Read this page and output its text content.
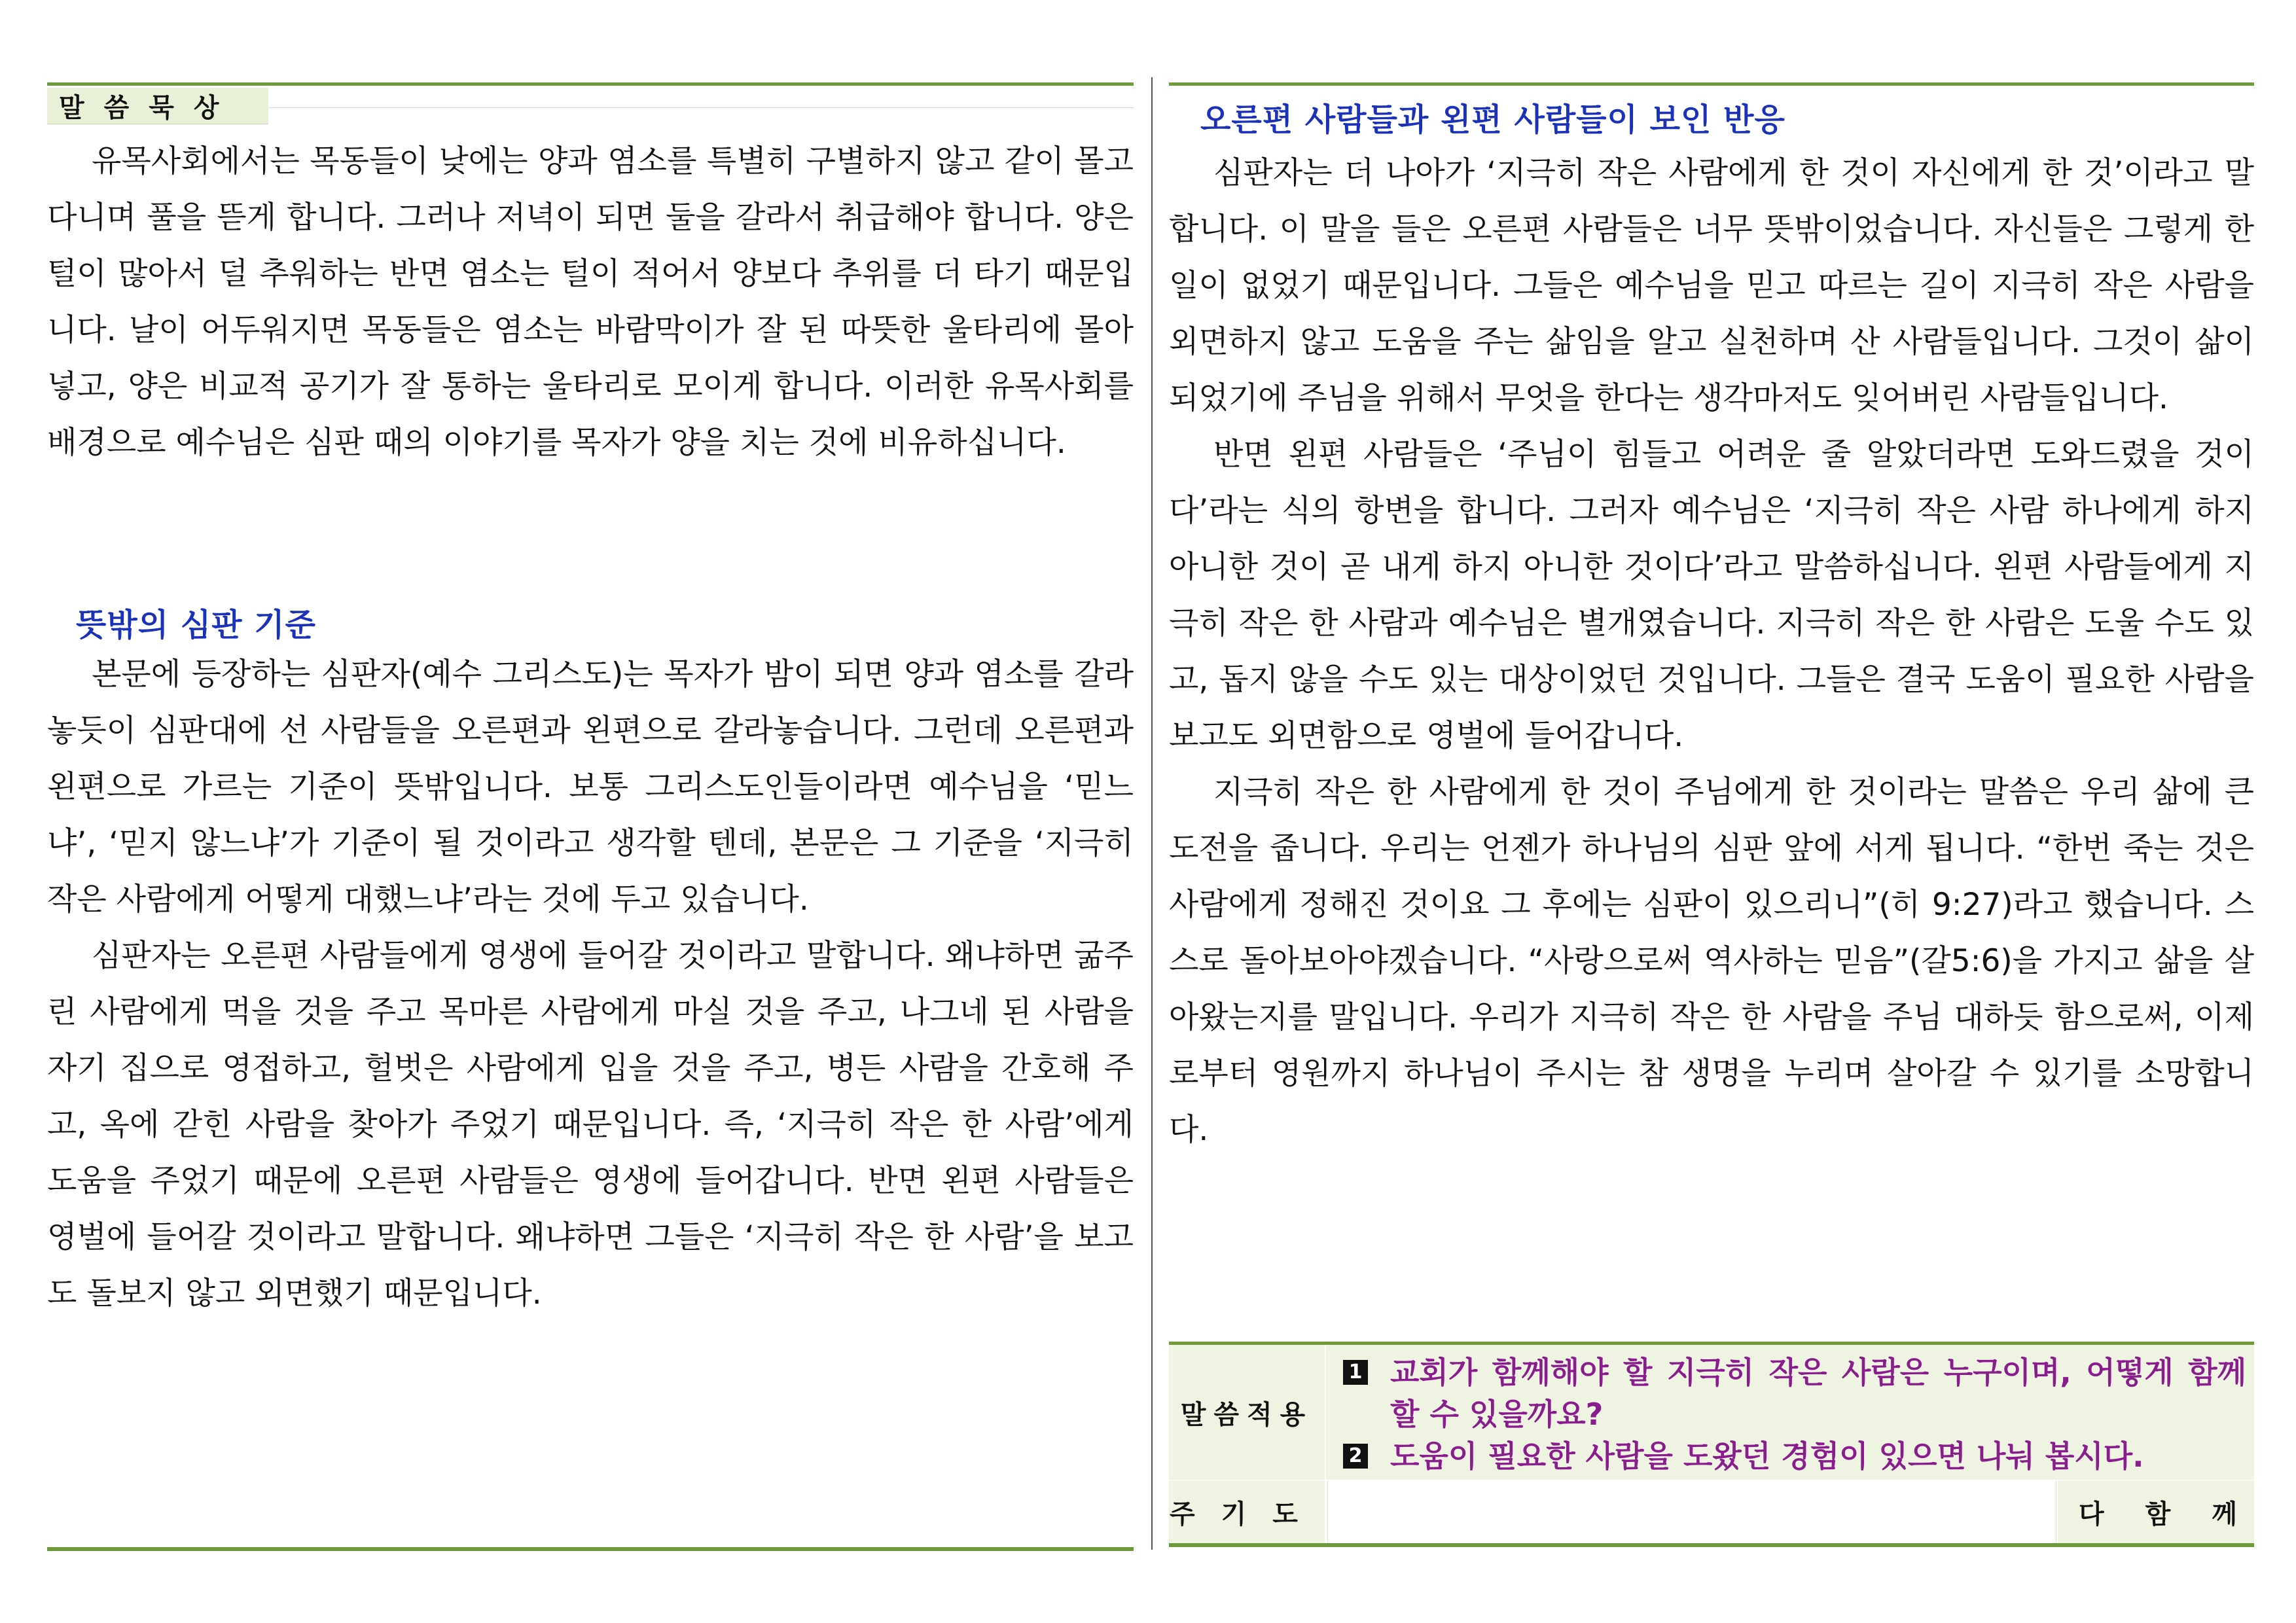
말씀묵상

유목사회에서는 목동들이 낮에는 양과 염소를 특별히 구별하지 않고 같이 몰고 다니며 풀을 뜯게 합니다. 그러나 저녁이 되면 둘을 갈라서 취급해야 합니다. 양은 털이 많아서 덜 추워하는 반면 염소는 털이 적어서 양보다 추위를 더 타기 때문입니다. 날이 어두워지면 목동들은 염소는 바람막이가 잘 된 따뜻한 울타리에 몰아넣고, 양은 비교적 공기가 잘 통하는 울타리로 모이게 합니다. 이러한 유목사회를 배경으로 예수님은 심판 때의 이야기를 목자가 양을 치는 것에 비유하십니다.

뜻밖의 심판 기준

본문에 등장하는 심판자(예수 그리스도)는 목자가 밤이 되면 양과 염소를 갈라놓듯이 심판대에 선 사람들을 오른편과 왼편으로 갈라놓습니다. 그런데 오른편과 왼편으로 가르는 기준이 뜻밖입니다. 보통 그리스도인들이라면 예수님을 ‘믿느냐’, ‘믿지 않느냐’가 기준이 될 것이라고 생각할 텐데, 본문은 그 기준을 ‘지극히 작은 사람에게 어떻게 대했느냐’라는 것에 두고 있습니다.

심판자는 오른편 사람들에게 영생에 들어갈 것이라고 말합니다. 왜냐하면 굶주린 사람에게 먹을 것을 주고 목마른 사람에게 마실 것을 주고, 나그네 된 사람을 자기 집으로 영접하고, 헐벗은 사람에게 입을 것을 주고, 병든 사람을 간호해 주고, 옥에 갇힌 사람을 찾아가 주었기 때문입니다. 즉, ‘지극히 작은 한 사람’에게 도움을 주었기 때문에 오른편 사람들은 영생에 들어갑니다. 반면 왼편 사람들은 영벌에 들어갈 것이라고 말합니다. 왜냐하면 그들은 ‘지극히 작은 한 사람’을 보고도 돌보지 않고 외면했기 때문입니다.

오른편 사람들과 왼편 사람들이 보인 반응

심판자는 더 나아가 ‘지극히 작은 사람에게 한 것이 자신에게 한 것’이라고 말합니다. 이 말을 들은 오른편 사람들은 너무 뜻밖이었습니다. 자신들은 그렇게 한 일이 없었기 때문입니다. 그들은 예수님을 믿고 따르는 길이 지극히 작은 사람을 외면하지 않고 도움을 주는 삶임을 알고 실천하며 산 사람들입니다. 그것이 삶이 되었기에 주님을 위해서 무엇을 한다는 생각마저도 잊어버린 사람들입니다.

반면 왼편 사람들은 ‘주님이 힘들고 어려운 줄 알았더라면 도와드렸을 것이다’라는 식의 항변을 합니다. 그러자 예수님은 ‘지극히 작은 사람 하나에게 하지 아니한 것이 곧 내게 하지 아니한 것이다’라고 말씀하십니다. 왼편 사람들에게 지극히 작은 한 사람과 예수님은 별개였습니다. 지극히 작은 한 사람은 도울 수도 있고, 돕지 않을 수도 있는 대상이었던 것입니다. 그들은 결국 도움이 필요한 사람을 보고도 외면함으로 영벌에 들어갑니다.

지극히 작은 한 사람에게 한 것이 주님에게 한 것이라는 말씀은 우리 삶에 큰 도전을 줍니다. 우리는 언젠가 하나님의 심판 앞에 서게 됩니다. “한번 죽는 것은 사람에게 정해진 것이요 그 후에는 심판이 있으리니”(히 9:27)라고 했습니다. 스스로 돌아보아야겠습니다. “사랑으로써 역사하는 믿음”(갈5:6)을 가지고 삶을 살아왔는지를 말입니다. 우리가 지극히 작은 한 사람을 주님 대하듯 함으로써, 이제로부터 영원까지 하나님이 주시는 참 생명을 누리며 살아갈 수 있기를 소망합니다.

말씀적용
1 교회가 함께해야 할 지극히 작은 사람은 누구이며, 어떻게 함께 할 수 있을까요?
2 도움이 필요한 사람을 도왔던 경험이 있으면 나눠 봅시다.
주기도	다 함 께
